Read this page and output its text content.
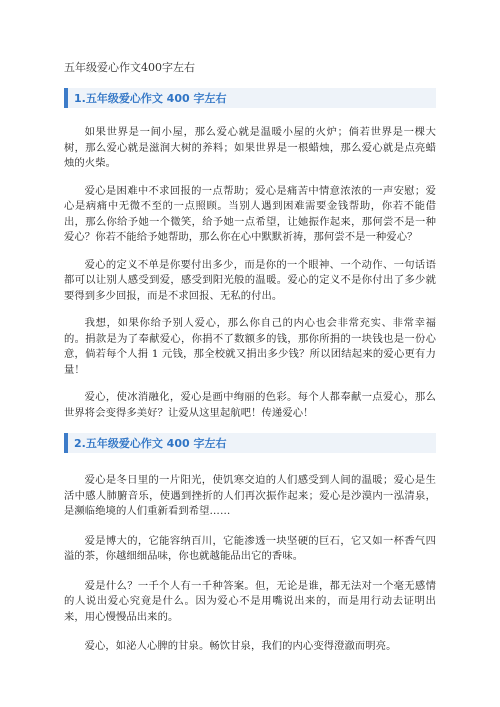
五年级爱心作文400字左右
1.五年级爱心作文 400 字左右

如果世界是一间小屋，那么爱心就是温暖小屋的火炉；倘若世界是一棵大树，那么爱心就是滋润大树的养料；如果世界是一根蜡烛，那么爱心就是点亮蜡烛的火柴。

爱心是困难中不求回报的一点帮助；爱心是痛苦中情意浓浓的一声安慰；爱心是病痛中无微不至的一点照顾。当别人遇到困难需要金钱帮助，你若不能借出，那么你给予她一个微笑，给予她一点希望，让她振作起来，那何尝不是一种爱心？你若不能给予她帮助，那么你在心中默默祈祷，那何尝不是一种爱心？

爱心的定义不单是你要付出多少，而是你的一个眼神、一个动作、一句话语都可以让别人感受到爱，感受到阳光般的温暖。爱心的定义不是你付出了多少就要得到多少回报，而是不求回报、无私的付出。

我想，如果你给予别人爱心，那么你自己的内心也会非常充实、非常幸福的。捐款是为了奉献爱心，你捐不了数额多的钱，那你所捐的一块钱也是一份心意，倘若每个人捐 1 元钱，那全校就又捐出多少钱？所以团结起来的爱心更有力量！

爱心，使冰消融化，爱心是画中绚丽的色彩。每个人都奉献一点爱心，那么世界将会变得多美好？让爱从这里起航吧！传递爱心！

2.五年级爱心作文 400 字左右

爱心是冬日里的一片阳光，使饥寒交迫的人们感受到人间的温暖；爱心是生活中感人肺腑音乐，使遇到挫折的人们再次振作起来；爱心是沙漠内一泓清泉，是濒临绝境的人们重新看到希望……

爱是博大的，它能容纳百川，它能渗透一块坚硬的巨石，它又如一杯香气四溢的茶，你越细细品味，你也就越能品出它的香味。

爱是什么？一千个人有一千种答案。但，无论是谁，都无法对一个毫无感情的人说出爱心究竟是什么。因为爱心不是用嘴说出来的，而是用行动去证明出来，用心慢慢品出来的。

爱心，如泌人心脾的甘泉。畅饮甘泉，我们的内心变得澄澈而明亮。
